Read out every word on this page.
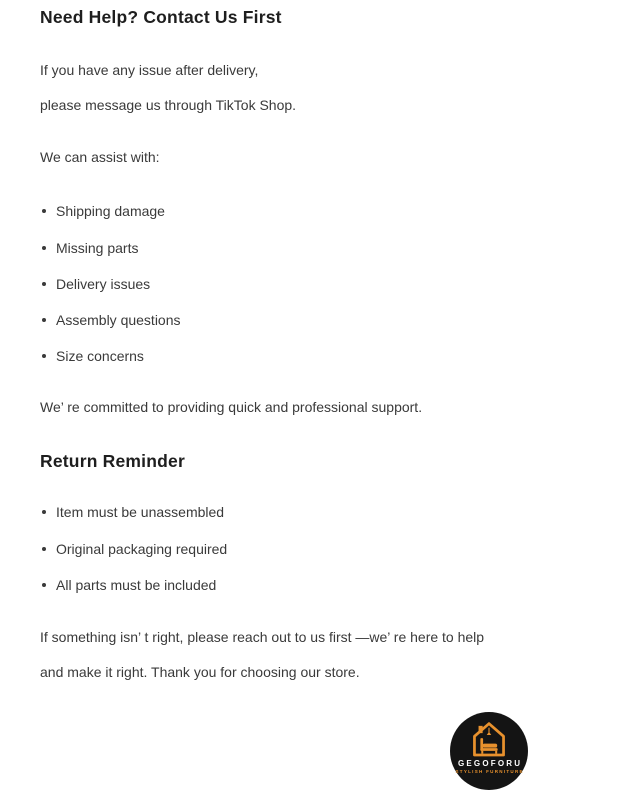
Need Help? Contact Us First

If you have any issue after delivery,

please message us through TikTok Shop.

We can assist with:

Shipping damage
Missing parts
Delivery issues
Assembly questions
Size concerns

We’ re committed to providing quick and professional support.

Return Reminder
Item must be unassembled
Original packaging required
All parts must be included

If something isn’ t right, please reach out to us first —we’ re here to help

and make it right. Thank you for choosing our store.

GEGOFORU
STYLISH FURNITURE
